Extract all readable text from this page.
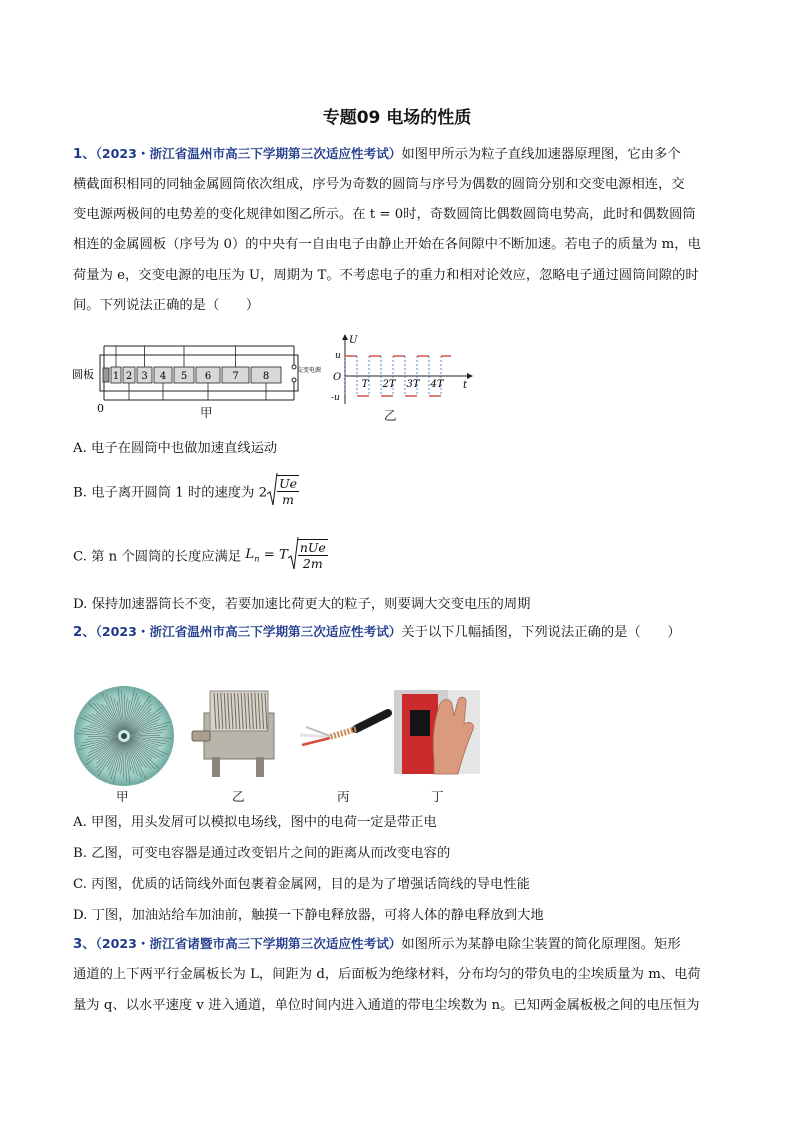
专题09 电场的性质
1、（2023・浙江省温州市高三下学期第三次适应性考试）如图甲所示为粒子直线加速器原理图，它由多个
横截面积相同的同轴金属圆筒依次组成，序号为奇数的圆筒与序号为偶数的圆筒分别和交变电源相连，交
变电源两极间的电势差的变化规律如图乙所示。在 t = 0时，奇数圆筒比偶数圆筒电势高，此时和偶数圆筒
相连的金属圆板（序号为 0）的中央有一自由电子由静止开始在各间隙中不断加速。若电子的质量为 m，电
荷量为 e，交变电源的电压为 U，周期为 T。不考虑电子的重力和相对论效应，忽略电子通过圆筒间隙的时
间。下列说法正确的是（　　）
1 2 3 4 5 6 7 8
圆板
0
交变电源
甲
U
t
O
u
-u
T 2T 3T 4T
乙
A. 电子在圆筒中也做加速直线运动
B. 电子离开圆筒 1 时的速度为 $2 \frac{Ue}{m}$
C. 第 n 个圆筒的长度应满足 $L_n = T \frac{\text{nUe}}{2m}$
D. 保持加速器筒长不变，若要加速比荷更大的粒子，则要调大交变电压的周期
2、（2023・浙江省温州市高三下学期第三次适应性考试）关于以下几幅插图，下列说法正确的是（　　）
甲	乙	丙	丁
A. 甲图，用头发屑可以模拟电场线，图中的电荷一定是带正电
B. 乙图，可变电容器是通过改变铝片之间的距离从而改变电容的
C. 丙图，优质的话筒线外面包裹着金属网，目的是为了增强话筒线的导电性能
D. 丁图，加油站给车加油前，触摸一下静电释放器，可将人体的静电释放到大地
3、（2023・浙江省诸暨市高三下学期第三次适应性考试）如图所示为某静电除尘装置的简化原理图。矩形
通道的上下两平行金属板长为 L，间距为 d，后面板为绝缘材料，分布均匀的带负电的尘埃质量为 m、电荷
量为 q、以水平速度 v 进入通道，单位时间内进入通道的带电尘埃数为 n。已知两金属板极之间的电压恒为
